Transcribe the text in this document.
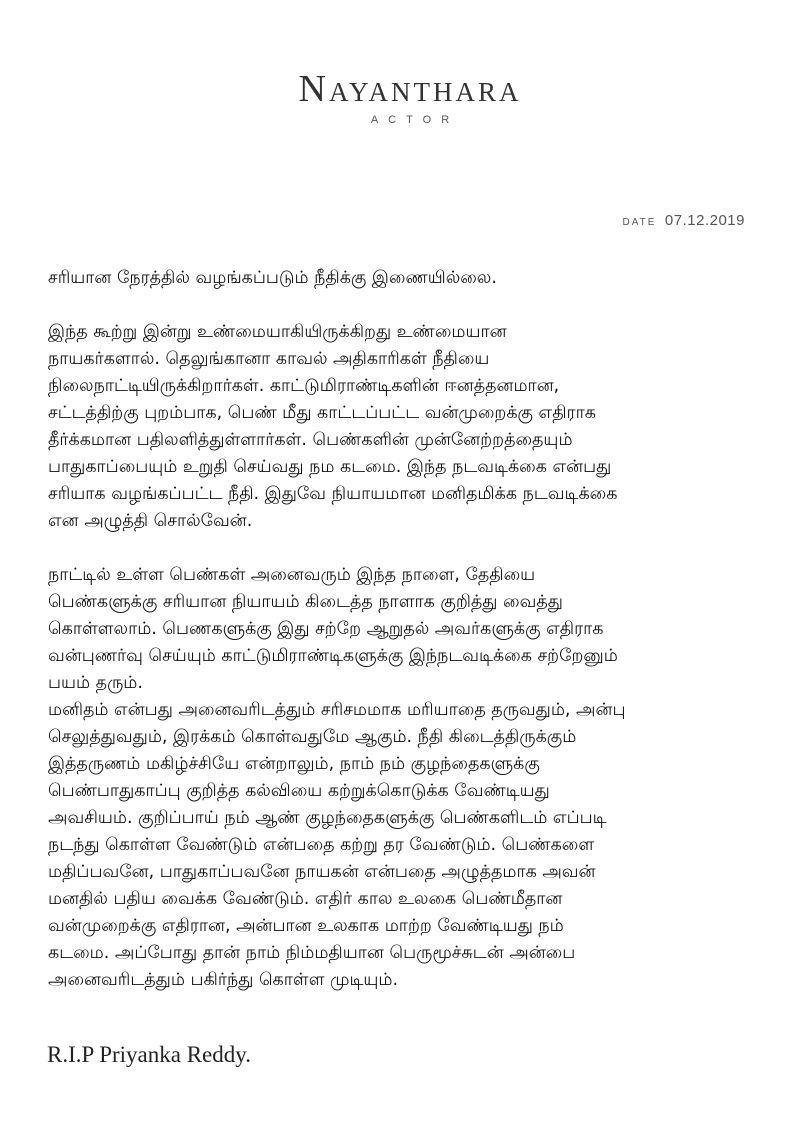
Nayanthara
ACTOR
DATE 07.12.2019

சரியான நேரத்தில் வழங்கப்படும் நீதிக்கு இணையில்லை.

இந்த கூற்று இன்று உண்மையாகியிருக்கிறது உண்மையான
நாயகர்களால். தெலுங்கானா காவல் அதிகாரிகள் நீதியை
நிலைநாட்டியிருக்கிறார்கள். காட்டுமிராண்டிகளின் ஈனத்தனமான,
சட்டத்திற்கு புறம்பாக, பெண் மீது காட்டப்பட்ட வன்முறைக்கு எதிராக
தீர்க்கமான பதிலளித்துள்ளார்கள். பெண்களின் முன்னேற்றத்தையும்
பாதுகாப்பையும் உறுதி செய்வது நம கடமை. இந்த நடவடிக்கை என்பது
சரியாக வழங்கப்பட்ட நீதி. இதுவே நியாயமான மனிதமிக்க நடவடிக்கை
என அழுத்தி சொல்வேன்.

நாட்டில் உள்ள பெண்கள் அனைவரும் இந்த நாளை, தேதியை
பெண்களுக்கு சரியான நியாயம் கிடைத்த நாளாக குறித்து வைத்து
கொள்ளலாம். பெணகளுக்கு இது சற்றே ஆறுதல் அவர்களுக்கு எதிராக
வன்புணர்வு செய்யும் காட்டுமிராண்டிகளுக்கு இந்நடவடிக்கை சற்றேனும்
பயம் தரும்.

மனிதம் என்பது அனைவரிடத்தும் சரிசமமாக மரியாதை தருவதும், அன்பு
செலுத்துவதும், இரக்கம் கொள்வதுமே ஆகும். நீதி கிடைத்திருக்கும்
இத்தருணம் மகிழ்ச்சியே என்றாலும், நாம் நம் குழந்தைகளுக்கு
பெண்பாதுகாப்பு குறித்த கல்வியை கற்றுக்கொடுக்க வேண்டியது
அவசியம். குறிப்பாய் நம் ஆண் குழந்தைகளுக்கு பெண்களிடம் எப்படி
நடந்து கொள்ள வேண்டும் என்பதை கற்று தர வேண்டும். பெண்களை
மதிப்பவனே, பாதுகாப்பவனே நாயகன் என்பதை அழுத்தமாக அவன்
மனதில் பதிய வைக்க வேண்டும். எதிர் கால உலகை பெண்மீதான
வன்முறைக்கு எதிரான, அன்பான உலகாக மாற்ற வேண்டியது நம்
கடமை. அப்போது தான் நாம் நிம்மதியான பெருமூச்சுடன் அன்பை
அனைவரிடத்தும் பகிர்ந்து கொள்ள முடியும்.

R.I.P Priyanka Reddy.
